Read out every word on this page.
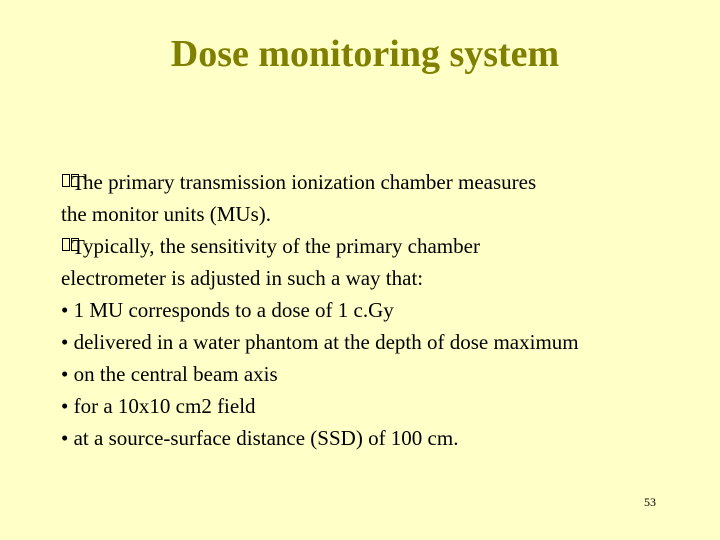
Dose monitoring system
T
he primary transmission ionization chamber measures
the monitor units (MUs).
T
ypically, the sensitivity of the primary chamber
electrometer is adjusted in such a way that:
• 1 MU corresponds to a dose of 1 c.Gy
• delivered in a water phantom at the depth of dose maximum
• on the central beam axis
• for a 10x10 cm2 field
• at a source-surface distance (SSD) of 100 cm.
53
